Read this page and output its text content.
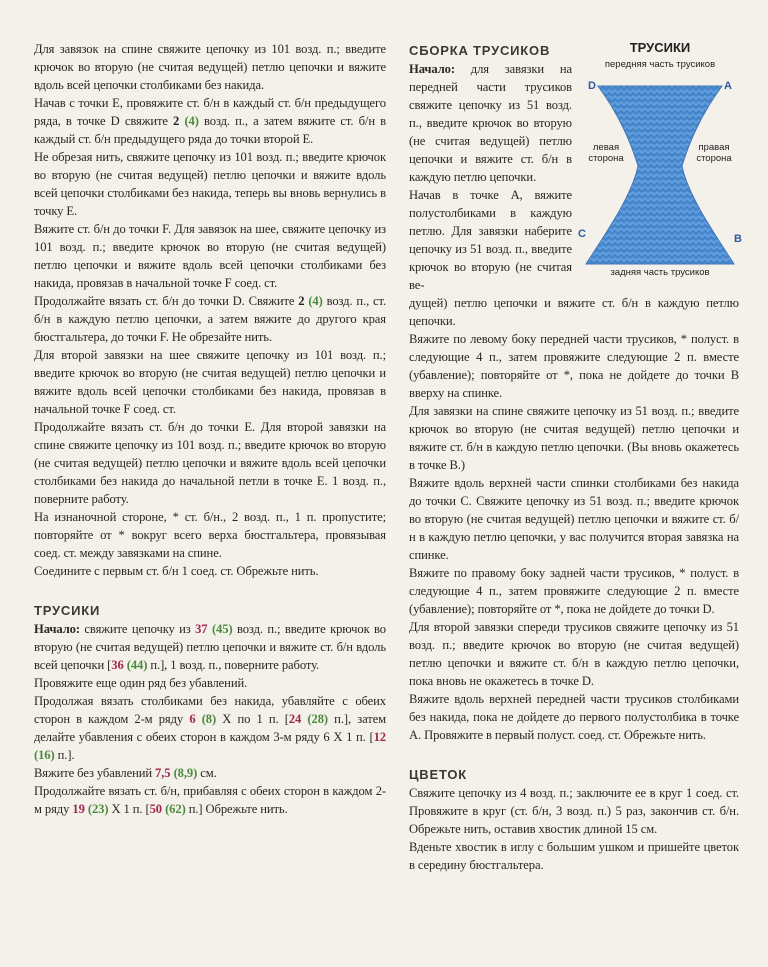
Для завязок на спине свяжите цепочку из 101 возд. п.; введите крючок во вторую (не считая ведущей) петлю цепочки и вяжите вдоль всей цепочки столбиками без накида.

Начав с точки E, провяжите ст. б/н в каждый ст. б/н предыдущего ряда, в точке D свяжите 2 (4) возд. п., а затем вяжите ст. б/н в каждый ст. б/н предыдущего ряда до точки второй E.

Не обрезая нить, свяжите цепочку из 101 возд. п.; введите крючок во вторую (не считая ведущей) петлю цепочки и вяжите вдоль всей цепочки столбиками без накида, теперь вы вновь вернулись в точку E.

Вяжите ст. б/н до точки F. Для завязок на шее, свяжите цепочку из 101 возд. п.; введите крючок во вторую (не считая ведущей) петлю цепочки и вяжите вдоль всей цепочки столбиками без накида, провязав в начальной точке F соед. ст.

Продолжайте вязать ст. б/н до точки D. Свяжите 2 (4) возд. п., ст. б/н в каждую петлю цепочки, а затем вяжите до другого края бюстгальтера, до точки F. Не обрезайте нить.

Для второй завязки на шее свяжите цепочку из 101 возд. п.; введите крючок во вторую (не считая ведущей) петлю цепочки и вяжите вдоль всей цепочки столбиками без накида, провязав в начальной точке F соед. ст.

Продолжайте вязать ст. б/н до точки E. Для второй завязки на спине свяжите цепочку из 101 возд. п.; введите крючок во вторую (не считая ведущей) петлю цепочки и вяжите вдоль всей цепочки столбиками без накида до начальной петли в точке E. 1 возд. п., поверните работу.

На изнаночной стороне, * ст. б/н., 2 возд. п., 1 п. пропустите; повторяйте от * вокруг всего верха бюстгальтера, провязывая соед. ст. между завязками на спине.

Соедините с первым ст. б/н 1 соед. ст. Обрежьте нить.

ТРУСИКИ

Начало: свяжите цепочку из 37 (45) возд. п.; введите крючок во вторую (не считая ведущей) петлю цепочки и вяжите ст. б/н вдоль всей цепочки [36 (44) п.], 1 возд. п., поверните работу.

Провяжите еще один ряд без убавлений.

Продолжая вязать столбиками без накида, убавляйте с обеих сторон в каждом 2-м ряду 6 (8) X по 1 п. [24 (28) п.], затем делайте убавления с обеих сторон в каждом 3-м ряду 6 X 1 п. [12 (16) п.].

Вяжите без убавлений 7,5 (8,9) см.

Продолжайте вязать ст. б/н, прибавляя с обеих сторон в каждом 2-м ряду 19 (23) X 1 п. [50 (62) п.] Обрежьте нить.

СБОРКА ТРУСИКОВ

Начало: для завязки на передней части трусиков свяжите цепочку из 51 возд. п., введите крючок во вторую (не считая ведущей) петлю цепочки и вяжите ст. б/н в каждую петлю цепочки.

Начав в точке A, вяжите полустолбиками в каждую петлю. Для завязки наберите цепочку из 51 возд. п., введите крючок во вторую (не считая ве-

дущей) петлю цепочки и вяжите ст. б/н в каждую петлю цепочки.

Вяжите по левому боку передней части трусиков, * полуст. в следующие 4 п., затем провяжите следующие 2 п. вместе (убавление); повторяйте от *, пока не дойдете до точки B вверху на спинке.

Для завязки на спине свяжите цепочку из 51 возд. п.; введите крючок во вторую (не считая ведущей) петлю цепочки и вяжите ст. б/н в каждую петлю цепочки. (Вы вновь окажетесь в точке B.)

Вяжите вдоль верхней части спинки столбиками без накида до точки C. Свяжите цепочку из 51 возд. п.; введите крючок во вторую (не считая ведущей) петлю цепочки и вяжите ст. б/н в каждую петлю цепочки, у вас получится вторая завязка на спинке.

Вяжите по правому боку задней части трусиков, * полуст. в следующие 4 п., затем провяжите следующие 2 п. вместе (убавление); повторяйте от *, пока не дойдете до точки D.

Для второй завязки спереди трусиков свяжите цепочку из 51 возд. п.; введите крючок во вторую (не считая ведущей) петлю цепочки и вяжите ст. б/н в каждую петлю цепочки, пока вновь не окажетесь в точке D.

Вяжите вдоль верхней передней части трусиков столбиками без накида, пока не дойдете до первого полустолбика в точке A. Провяжите в первый полуст. соед. ст. Обрежьте нить.

ЦВЕТОК

Свяжите цепочку из 4 возд. п.; заключите ее в круг 1 соед. ст. Провяжите в круг (ст. б/н, 3 возд. п.) 5 раз, закончив ст. б/н. Обрежьте нить, оставив хвостик длиной 15 см.

Вденьте хвостик в иглу с большим ушком и пришейте цветок в середину бюстгальтера.

ТРУСИКИ
передняя часть трусиков
D	A
C	B
левая сторона
правая сторона
задняя часть трусиков
